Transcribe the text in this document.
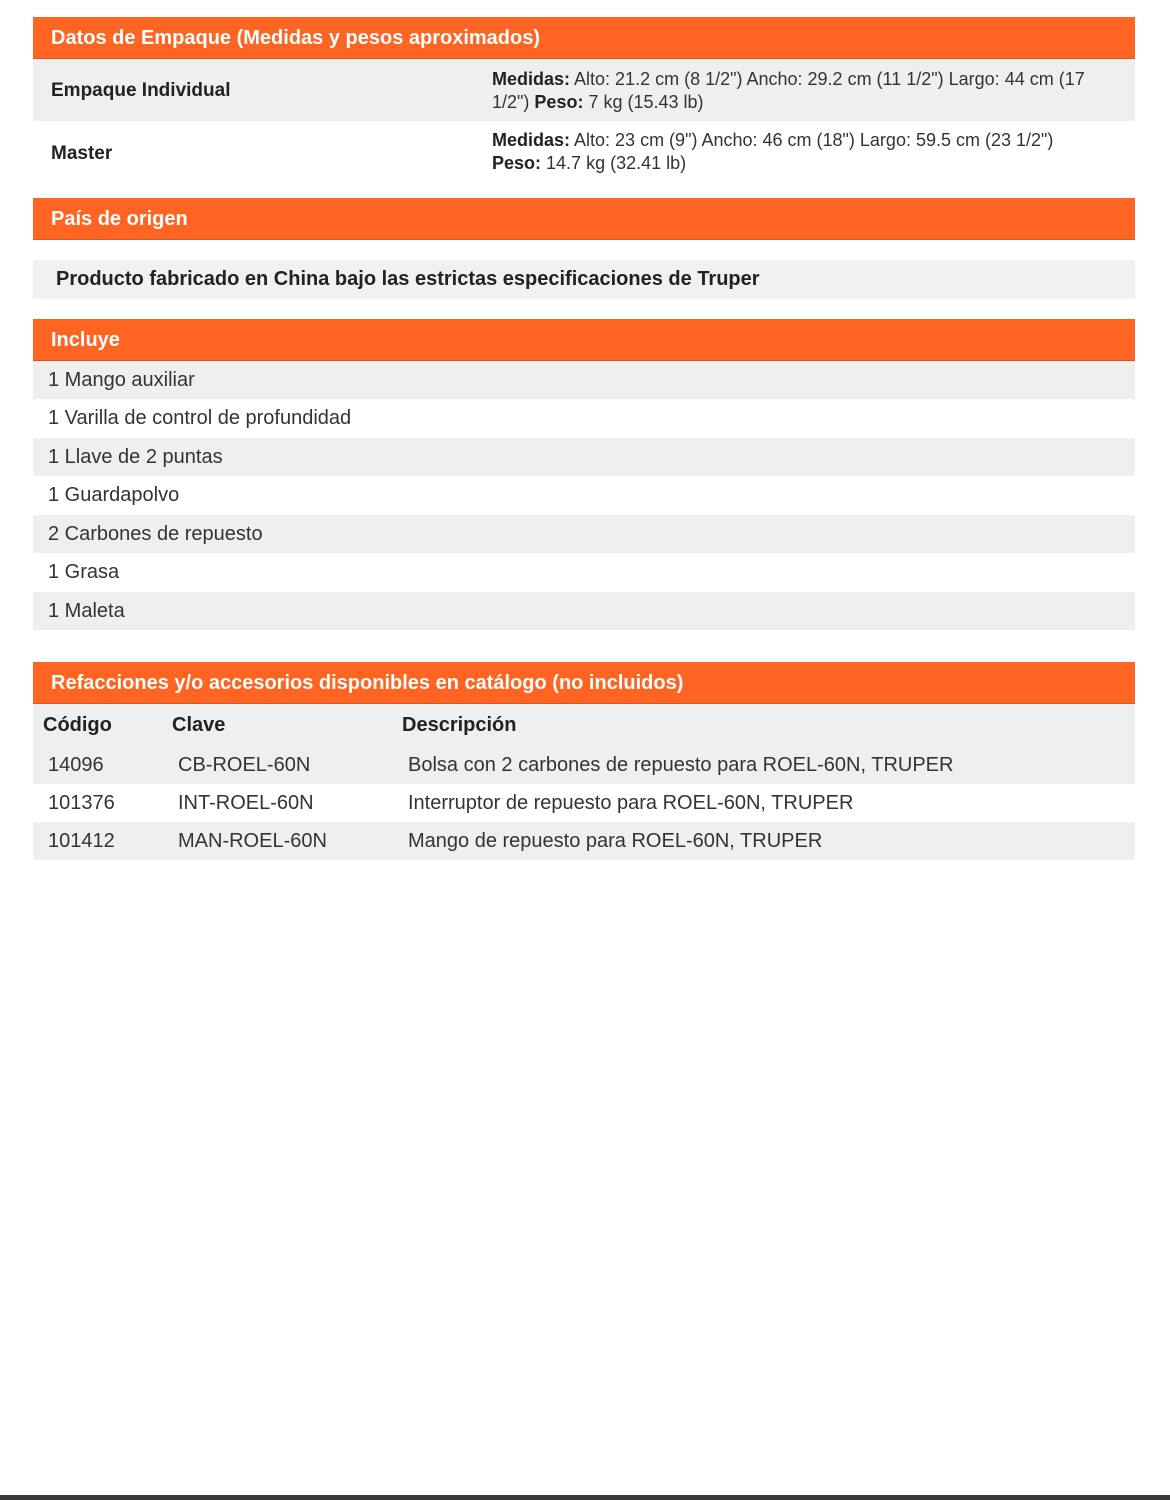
Datos de Empaque (Medidas y pesos aproximados)
Empaque Individual
Medidas: Alto: 21.2 cm (8 1/2") Ancho: 29.2 cm (11 1/2") Largo: 44 cm (17 1/2") Peso: 7 kg (15.43 lb)
Master
Medidas: Alto: 23 cm (9") Ancho: 46 cm (18") Largo: 59.5 cm (23 1/2")
Peso: 14.7 kg (32.41 lb)
País de origen
Producto fabricado en China bajo las estrictas especificaciones de Truper
Incluye
1 Mango auxiliar
1 Varilla de control de profundidad
1 Llave de 2 puntas
1 Guardapolvo
2 Carbones de repuesto
1 Grasa
1 Maleta
Refacciones y/o accesorios disponibles en catálogo (no incluidos)
Código	Clave	Descripción
14096	CB-ROEL-60N	Bolsa con 2 carbones de repuesto para ROEL-60N, TRUPER
101376	INT-ROEL-60N	Interruptor de repuesto para ROEL-60N, TRUPER
101412	MAN-ROEL-60N	Mango de repuesto para ROEL-60N, TRUPER
